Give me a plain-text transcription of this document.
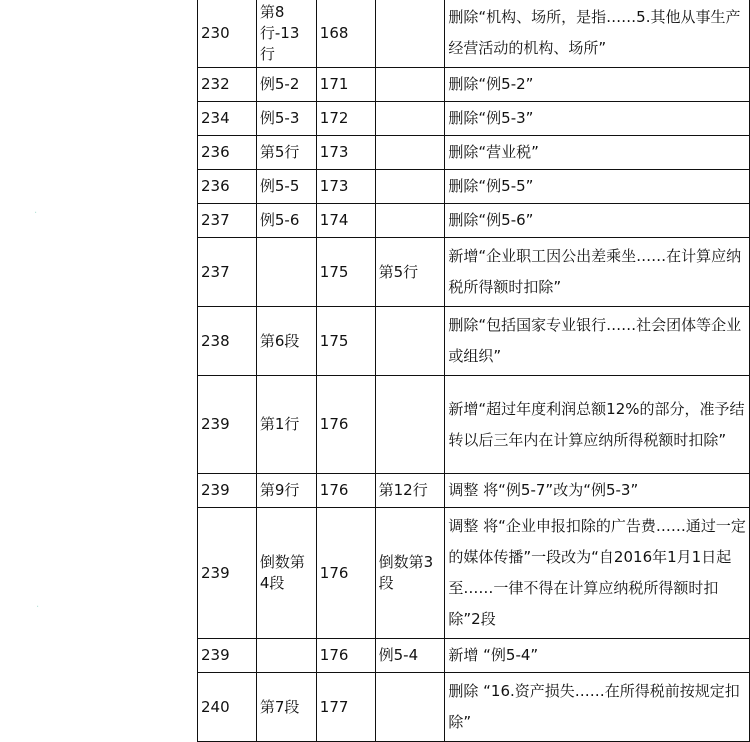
·
·
230	第8行-13行	168		删除“机构、场所，是指……5.其他从事生产经营活动的机构、场所”
232	例5-2	171		删除“例5-2”
234	例5-3	172		删除“例5-3”
236	第5行	173		删除“营业税”
236	例5-5	173		删除“例5-5”
237	例5-6	174		删除“例5-6”
237		175	第5行	新增“企业职工因公出差乘坐……在计算应纳税所得额时扣除”
238	第6段	175		删除“包括国家专业银行……社会团体等企业或组织”
239	第1行	176		新增“超过年度利润总额12%的部分，准予结转以后三年内在计算应纳所得税额时扣除”
239	第9行	176	第12行	调整 将“例5-7”改为“例5-3”
239	倒数第4段	176	倒数第3段	调整 将“企业申报扣除的广告费……通过一定的媒体传播”一段改为“自2016年1月1日起至……一律不得在计算应纳税所得额时扣除”2段
239		176	例5-4	新增 “例5-4”
240	第7段	177		删除 “16.资产损失……在所得税前按规定扣除”
